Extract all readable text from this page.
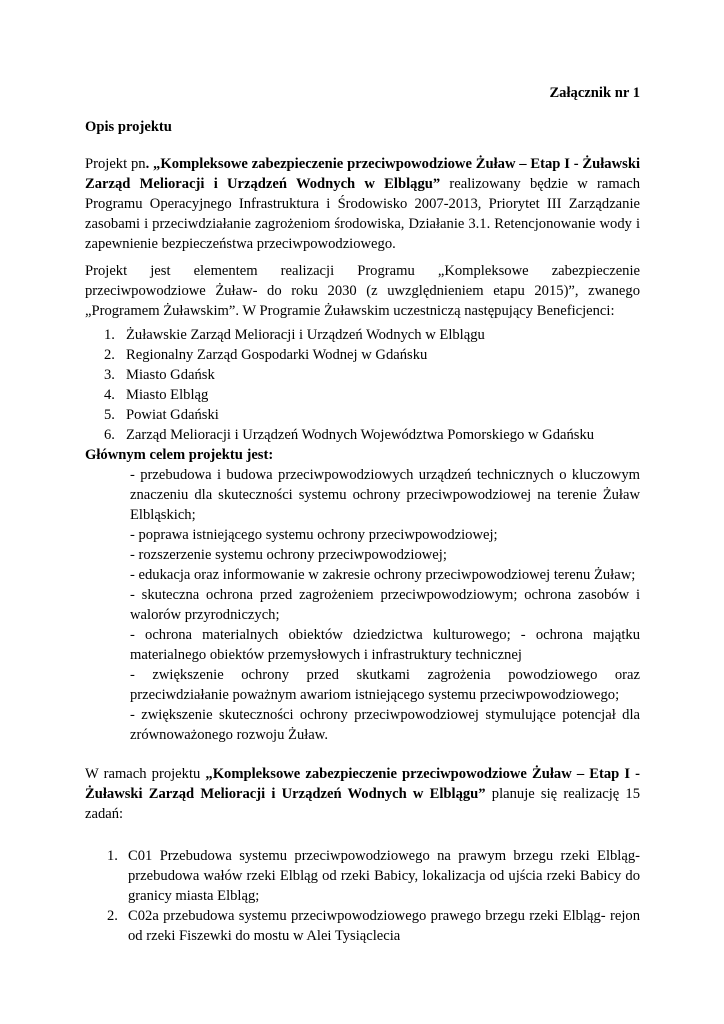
Załącznik nr 1

Opis projektu

Projekt pn. „Kompleksowe zabezpieczenie przeciwpowodziowe Żuław – Etap I - Żuławski Zarząd Melioracji i Urządzeń Wodnych w Elblągu” realizowany będzie w ramach Programu Operacyjnego Infrastruktura i Środowisko 2007-2013, Priorytet III Zarządzanie zasobami i przeciwdziałanie zagrożeniom środowiska, Działanie 3.1. Retencjonowanie wody i zapewnienie bezpieczeństwa przeciwpowodziowego.

Projekt jest elementem realizacji Programu „Kompleksowe zabezpieczenie przeciwpowodziowe Żuław- do roku 2030 (z uwzględnieniem etapu 2015)”, zwanego „Programem Żuławskim”. W Programie Żuławskim uczestniczą następujący Beneficjenci:

1. Żuławskie Zarząd Melioracji i Urządzeń Wodnych w Elblągu
2. Regionalny Zarząd Gospodarki Wodnej w Gdańsku
3. Miasto Gdańsk
4. Miasto Elbląg
5. Powiat Gdański
6. Zarząd Melioracji i Urządzeń Wodnych Województwa Pomorskiego w Gdańsku

Głównym celem projektu jest:

- przebudowa i budowa przeciwpowodziowych urządzeń technicznych o kluczowym znaczeniu dla skuteczności systemu ochrony przeciwpowodziowej na terenie Żuław Elbląskich;

- poprawa istniejącego systemu ochrony przeciwpowodziowej;

- rozszerzenie systemu ochrony przeciwpowodziowej;

- edukacja oraz informowanie w zakresie ochrony przeciwpowodziowej terenu Żuław;

- skuteczna ochrona przed zagrożeniem przeciwpowodziowym; ochrona zasobów i walorów przyrodniczych;

- ochrona materialnych obiektów dziedzictwa kulturowego; - ochrona majątku materialnego obiektów przemysłowych i infrastruktury technicznej

- zwiększenie ochrony przed skutkami zagrożenia powodziowego oraz przeciwdziałanie poważnym awariom istniejącego systemu przeciwpowodziowego;

- zwiększenie skuteczności ochrony przeciwpowodziowej stymulujące potencjał dla zrównoważonego rozwoju Żuław.

W ramach projektu „Kompleksowe zabezpieczenie przeciwpowodziowe Żuław – Etap I - Żuławski Zarząd Melioracji i Urządzeń Wodnych w Elblągu” planuje się realizację 15 zadań:

1. C01 Przebudowa systemu przeciwpowodziowego na prawym brzegu rzeki Elbląg- przebudowa wałów rzeki Elbląg od rzeki Babicy, lokalizacja od ujścia rzeki Babicy do granicy miasta Elbląg;
2. C02a przebudowa systemu przeciwpowodziowego prawego brzegu rzeki Elbląg- rejon od rzeki Fiszewki do mostu w Alei Tysiąclecia
